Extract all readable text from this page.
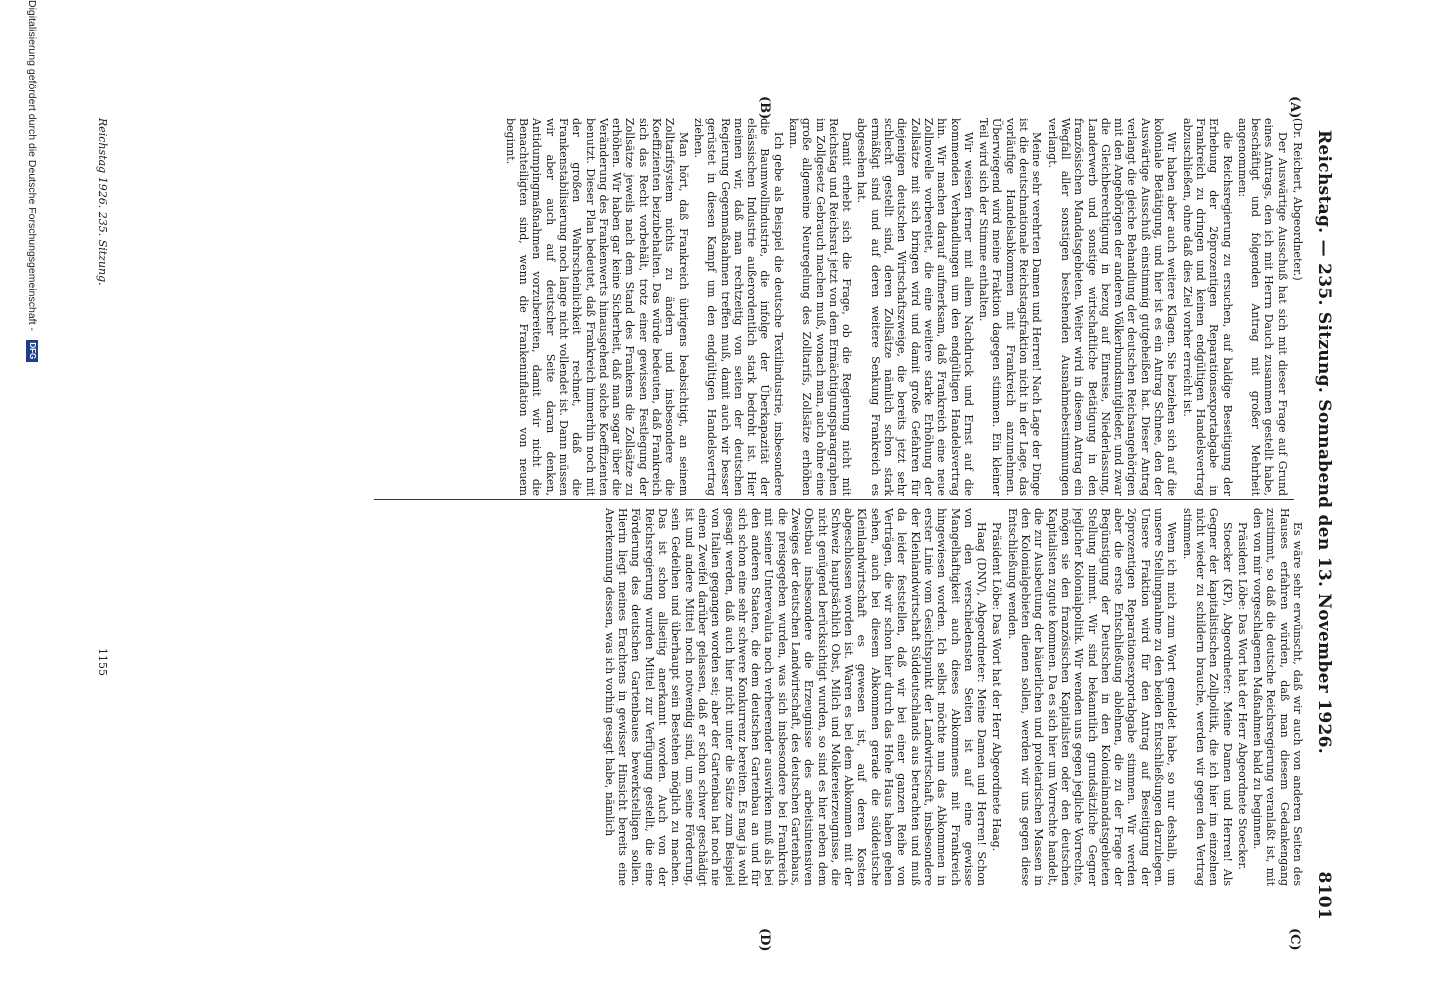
Reichstag. — 235. Sitzung. Sonnabend den 13. November 1926.
8101
(A)
(B)
(C)
(D)

(Dr. Reichert, Abgeordneter.)

Der Auswärtige Ausschuß hat sich mit dieser Frage auf Grund eines Antrags, den ich mit Herrn Dauch zusammen gestellt habe, beschäftigt und folgenden Antrag mit großer Mehrheit angenommen:

die Reichsregierung zu ersuchen, auf baldige Beseitigung der Erhebung der 26prozentigen Reparationsexportabgabe in Frankreich zu dringen und keinen endgültigen Handelsvertrag abzuschließen, ohne daß dies Ziel vorher erreicht ist.

Wir haben aber auch weitere Klagen. Sie beziehen sich auf die koloniale Betätigung, und hier ist es ein Antrag Schnee, den der Auswärtige Ausschuß einstimmig gutgeheißen hat. Dieser Antrag verlangt die gleiche Behandlung der deutschen Reichsangehörigen mit den Angehörigen der anderen Völkerbundsmitglieder, und zwar die Gleichberechtigung in bezug auf Einreise, Niederlassung, Landerwerb und sonstige wirtschaftliche Betätigung in den französischen Mandatsgebieten. Weiter wird in diesem Antrag ein Wegfall aller sonstigen bestehenden Ausnahmebestimmungen verlangt.

Meine sehr verehrten Damen und Herren! Nach Lage der Dinge ist die deutschnationale Reichstagsfraktion nicht in der Lage, das vorläufige Handelsabkommen mit Frankreich anzunehmen. Überwiegend wird meine Fraktion dagegen stimmen. Ein kleiner Teil wird sich der Stimme enthalten.

Wir weisen ferner mit allem Nachdruck und Ernst auf die kommenden Verhandlungen um den endgültigen Handelsvertrag hin. Wir machen darauf aufmerksam, daß Frankreich eine neue Zollnovelle vorbereitet, die eine weitere starke Erhöhung der Zollsätze mit sich bringen wird und damit große Gefahren für diejenigen deutschen Wirtschaftszweige, die bereits jetzt sehr schlecht gestellt sind, deren Zollsätze nämlich schon stark ermäßigt sind und auf deren weitere Senkung Frankreich es abgesehen hat.

Damit erhebt sich die Frage, ob die Regierung nicht mit Reichstag und Reichsrat jetzt von dem Ermächtigungsparagraphen im Zollgesetz Gebrauch machen muß, wonach man, auch ohne eine große allgemeine Neuregelung des Zolltarifs, Zollsätze erhöhen kann.

Ich gebe als Beispiel die deutsche Textilindustrie, insbesondere die Baumwollindustrie, die infolge der Überkapazität der elsässischen Industrie außerordentlich stark bedroht ist. Hier meinen wir, daß man rechtzeitig von seiten der deutschen Regierung Gegenmaßnahmen treffen muß, damit auch wir besser gerüstet in diesen Kampf um den endgültigen Handelsvertrag ziehen.

Man hört, daß Frankreich übrigens beabsichtigt, an seinem Zolltarifsystem nichts zu ändern und insbesondere die Koeffizienten beizubehalten. Das würde bedeuten, daß Frankreich sich das Recht vorbehält, trotz einer gewissen Festlegung der Zollsätze jeweils nach dem Stand des Frankens die Zollsätze zu erhöhen. Wir haben gar keine Sicherheit, daß man sogar über die Veränderung des Frankenwerts hinausgehend solche Koeffizienten benutzt. Dieser Plan bedeutet, daß Frankreich immerhin noch mit der großen Wahrscheinlichkeit rechnet, daß die Frankenstabilisierung noch lange nicht vollendet ist. Dann müssen wir aber auch auf deutscher Seite daran denken, Antidumpingmaßnahmen vorzubereiten, damit wir nicht die Benachteiligten sind, wenn die Frankeninflation von neuem beginnt.

Es wäre sehr erwünscht, daß wir auch von anderen Seiten des Hauses erfahren würden, daß man diesem Gedankengang zustimmt, so daß die deutsche Reichsregierung veranlaßt ist, mit den von mir vorgeschlagenen Maßnahmen bald zu beginnen.

Präsident Löbe: Das Wort hat der Herr Abgeordnete Stoecker.

Stoecker (KP), Abgeordneter: Meine Damen und Herren! Als Gegner der kapitalistischen Zollpolitik, die ich hier im einzelnen nicht wieder zu schildern brauche, werden wir gegen den Vertrag stimmen.

Wenn ich mich zum Wort gemeldet habe, so nur deshalb, um unsere Stellungnahme zu den beiden Entschließungen darzulegen. Unsere Fraktion wird für den Antrag auf Beseitigung der 26prozentigen Reparationsexportabgabe stimmen. Wir werden aber die erste Entschließung ablehnen, die zu der Frage der Begünstigung der Deutschen in den Kolonialmandatsgebieten Stellung nimmt. Wir sind bekanntlich grundsätzliche Gegner jeglicher Kolonialpolitik. Wir wenden uns gegen jegliche Vorrechte, mögen sie den französischen Kapitalisten oder den deutschen Kapitalisten zugute kommen. Da es sich hier um Vorrechte handelt, die zur Ausbeutung der bäuerlichen und proletarischen Massen in den Kolonialgebieten dienen sollen, werden wir uns gegen diese Entschließung wenden.

Präsident Löbe: Das Wort hat der Herr Abgeordnete Haag.

Haag (DNV), Abgeordneter: Meine Damen und Herren! Schon von den verschiedensten Seiten ist auf eine gewisse Mangelhaftigkeit auch dieses Abkommens mit Frankreich hingewiesen worden. Ich selbst möchte nun das Abkommen in erster Linie vom Gesichtspunkt der Landwirtschaft, insbesondere der Kleinlandwirtschaft Süddeutschlands aus betrachten und muß da leider feststellen, daß wir bei einer ganzen Reihe von Verträgen, die wir schon hier durch das Hohe Haus haben gehen sehen, auch bei diesem Abkommen gerade die süddeutsche Kleinlandwirtschaft es gewesen ist, auf deren Kosten abgeschlossen worden ist. Waren es bei dem Abkommen mit der Schweiz hauptsächlich Obst, Milch und Molkereierzeugnisse, die nicht genügend berücksichtigt wurden, so sind es hier neben dem Obstbau insbesondere die Erzeugnisse des arbeitsintensiven Zweiges der deutschen Landwirtschaft, des deutschen Gartenbaus, die preisgegeben wurden, was sich insbesondere bei Frankreich mit seiner Unterevaluta noch verheerender auswirken muß als bei den anderen Staaten, die dem deutschen Gartenbau an und für sich schon eine sehr schwere Konkurrenz bereiten. Es mag ja wohl gesagt werden, daß auch hier nicht unter die Sätze zum Beispiel von Italien gegangen worden sei; aber der Gartenbau hat noch nie einen Zweifel darüber gelassen, daß er schon schwer geschädigt ist und andere Mittel noch notwendig sind, um seine Förderung, sein Gedeihen und überhaupt sein Bestehen möglich zu machen. Das ist schon allseitig anerkannt worden. Auch von der Reichsregierung wurden Mittel zur Verfügung gestellt, die eine Förderung des deutschen Gartenbaues bewerkstelligen sollen. Hierin liegt meines Erachtens in gewisser Hinsicht bereits eine Anerkennung dessen, was ich vorhin gesagt habe, nämlich

Reichstag 1926. 235. Sitzung.
1155
Digitalisierung gefördert durch die Deutsche Forschungsgemeinschaft - DFG
